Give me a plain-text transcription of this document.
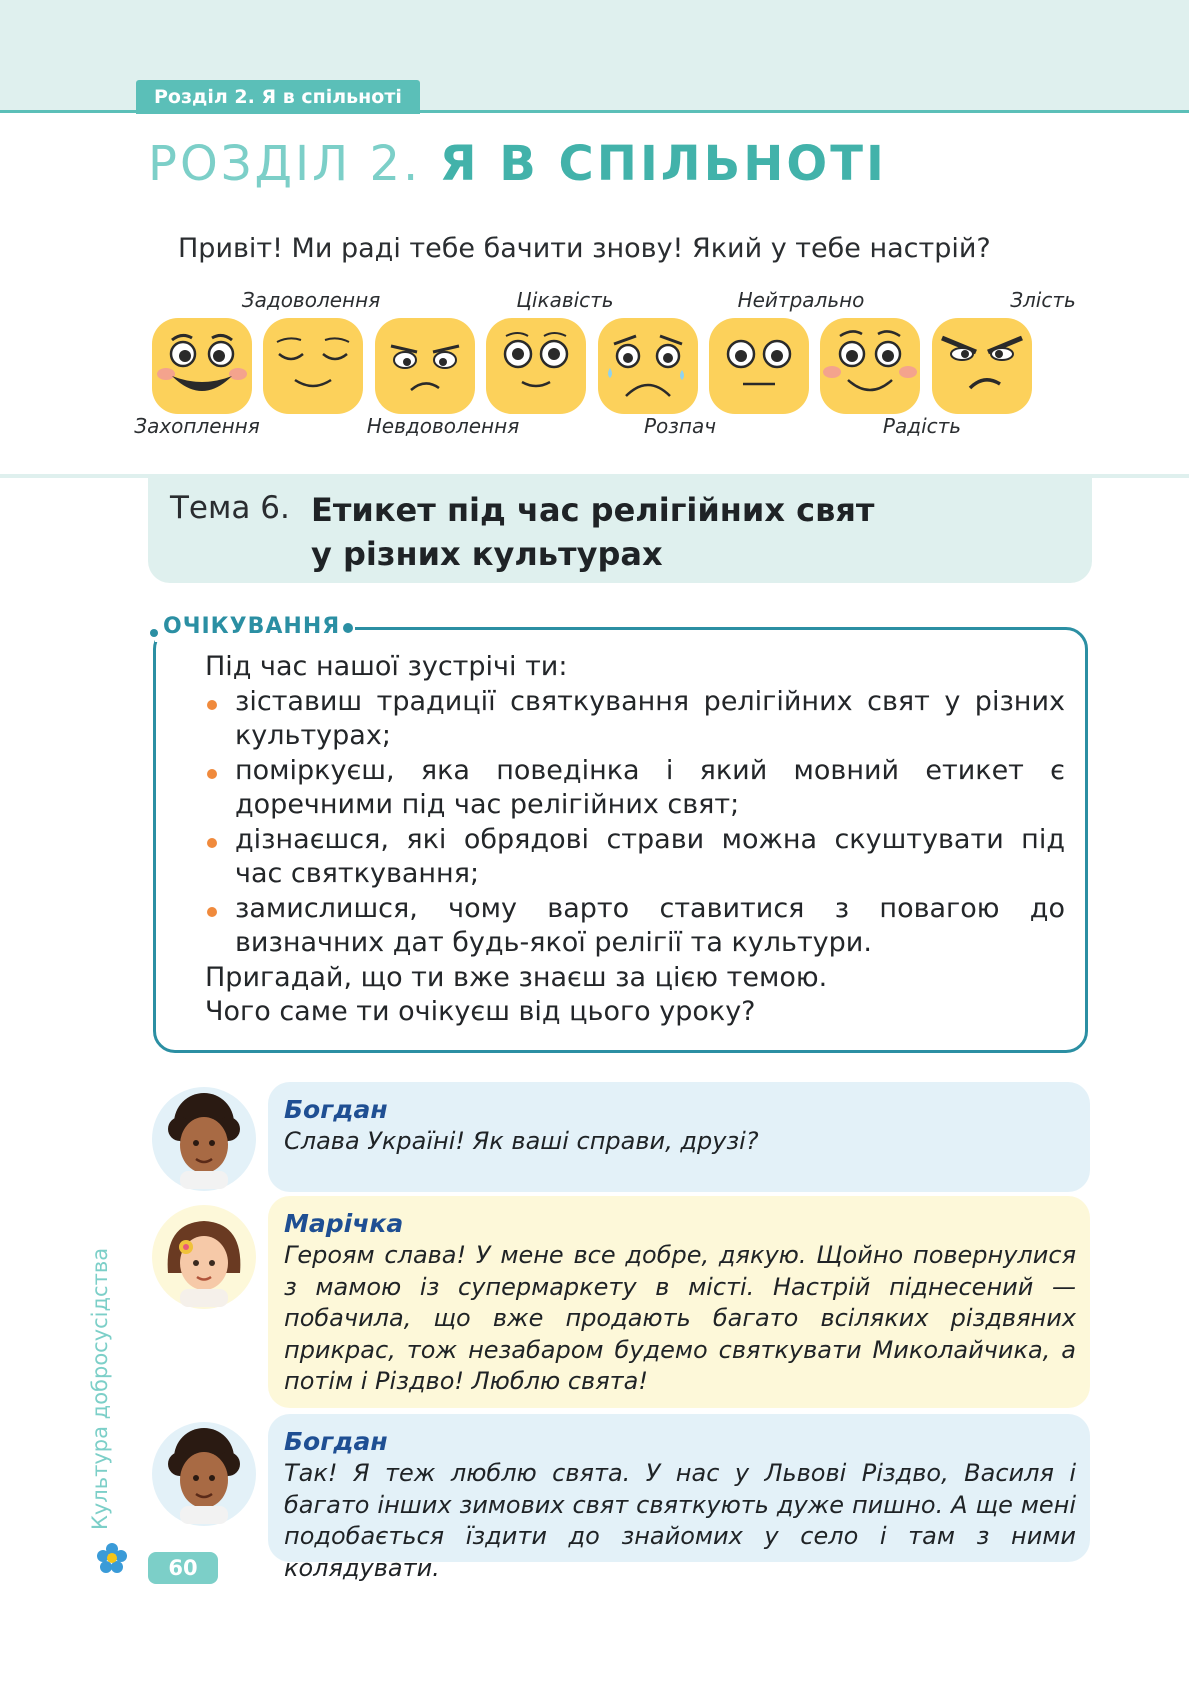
Розділ 2. Я в спільноті
РОЗДІЛ 2. Я В СПІЛЬНОТІ
Привіт! Ми раді тебе бачити знову! Який у тебе настрій?
Захоплення
Задоволення
Невдоволення
Цікавість
Розпач
Нейтрально
Радість
Злість
Тема 6. Етикет під час релігійних свят
у різних культурах
ОЧІКУВАННЯ

Під час нашої зустрічі ти:

зіставиш традиції святкування релігійних свят у різних культурах;
поміркуєш, яка поведінка і який мовний етикет є доречними під час релігійних свят;
дізнаєшся, які обрядові страви можна скуштувати під час святкування;
замислишся, чому варто ставитися з повагою до визначних дат будь-якої релігії та культури.

Пригадай, що ти вже знаєш за цією темою.

Чого саме ти очікуєш від цього уроку?

Богдан
Слава Україні! Як ваші справи, друзі?
Марічка
Героям слава! У мене все добре, дякую. Щойно повернулися з мамою із супермаркету в місті. Настрій піднесений — побачила, що вже продають багато всіляких різдвяних прикрас, тож незабаром будемо святкувати Миколайчика, а потім і Різдво! Люблю свята!
Богдан
Так! Я теж люблю свята. У нас у Львові Різдво, Василя і багато інших зимових свят святкують дуже пишно. А ще мені подобається їздити до знайомих у село і там з ними колядувати.
Культура добросусідства
60
